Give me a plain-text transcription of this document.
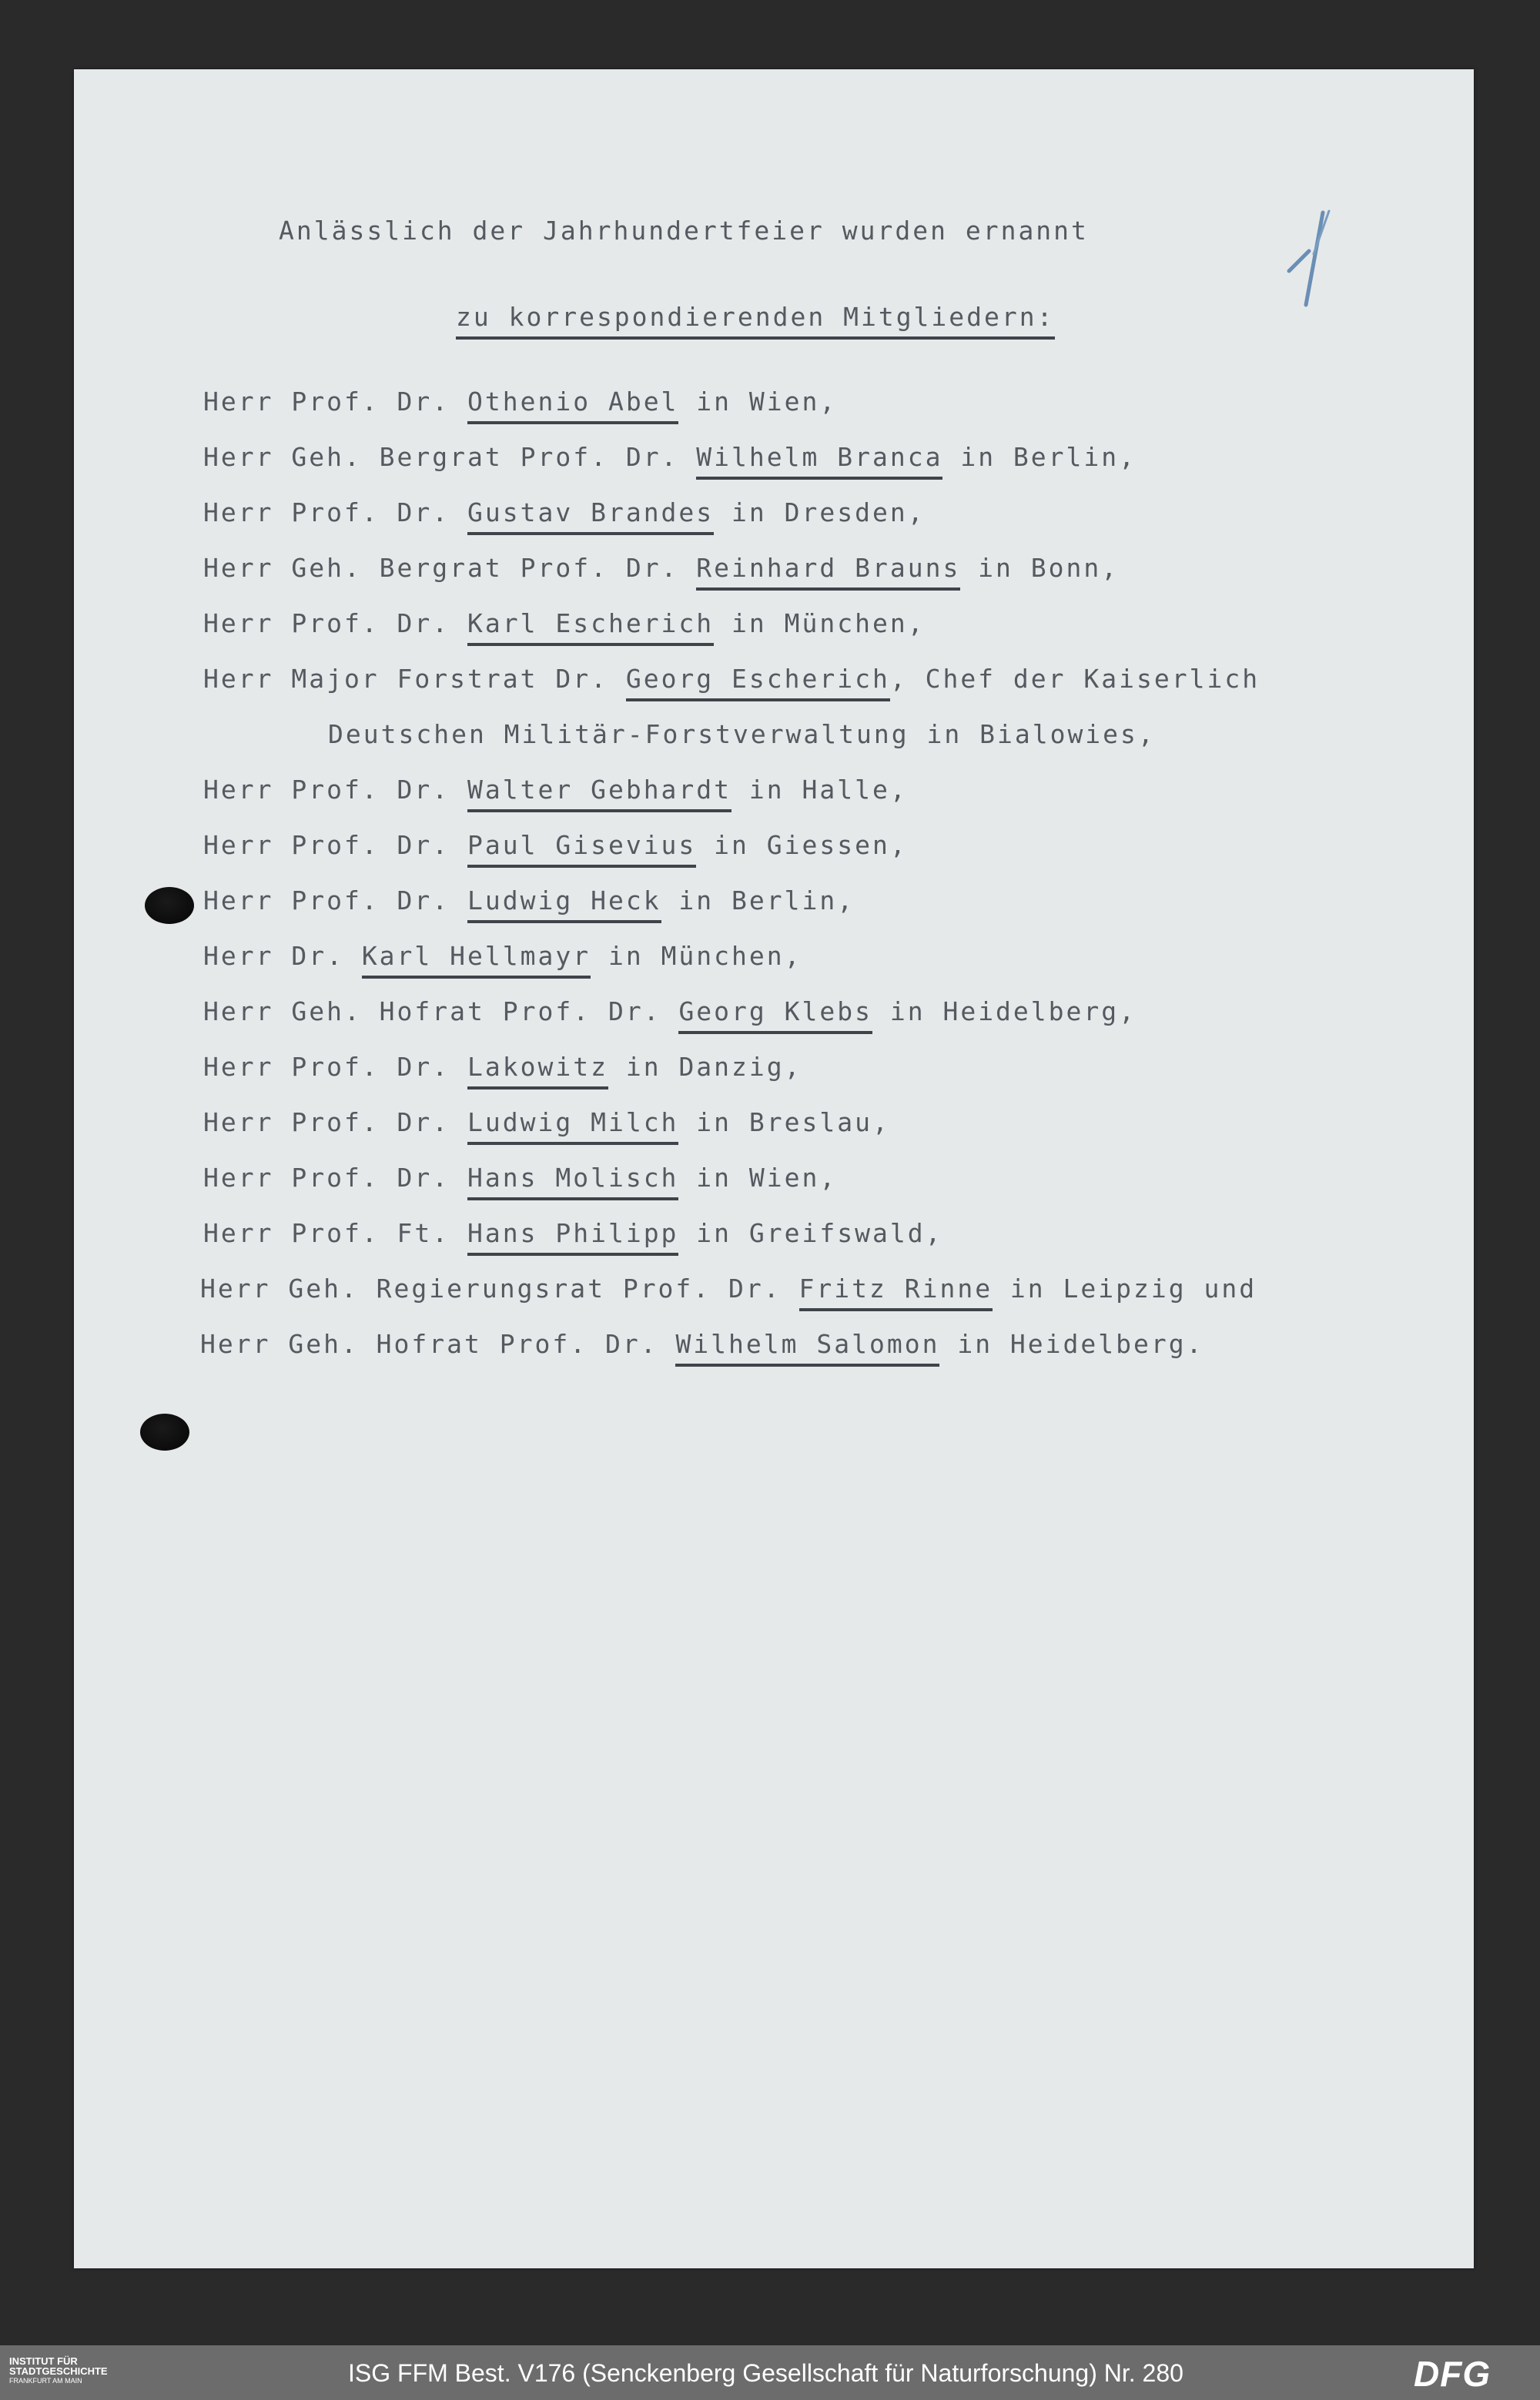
Anlässlich der Jahrhundertfeier wurden ernannt
zu korrespondierenden Mitgliedern:
Herr Prof. Dr. Othenio Abel in Wien,
Herr Geh. Bergrat Prof. Dr. Wilhelm Branca in Berlin,
Herr Prof. Dr. Gustav Brandes in Dresden,
Herr Geh. Bergrat Prof. Dr. Reinhard Brauns in Bonn,
Herr Prof. Dr. Karl Escherich in München,
Herr Major Forstrat Dr. Georg Escherich, Chef der Kaiserlich
Deutschen Militär-Forstverwaltung in Bialowies,
Herr Prof. Dr. Walter Gebhardt in Halle,
Herr Prof. Dr. Paul Gisevius in Giessen,
Herr Prof. Dr. Ludwig Heck in Berlin,
Herr Dr. Karl Hellmayr in München,
Herr Geh. Hofrat Prof. Dr. Georg Klebs in Heidelberg,
Herr Prof. Dr. Lakowitz in Danzig,
Herr Prof. Dr. Ludwig Milch in Breslau,
Herr Prof. Dr. Hans Molisch in Wien,
Herr Prof. Ft. Hans Philipp in Greifswald,
Herr Geh. Regierungsrat Prof. Dr. Fritz Rinne in Leipzig und
Herr Geh. Hofrat Prof. Dr. Wilhelm Salomon in Heidelberg.
INSTITUT FÜR
STADTGESCHICHTE
FRANKFURT AM MAIN	ISG FFM Best. V176 (Senckenberg Gesellschaft für Naturforschung) Nr. 280	DFG
